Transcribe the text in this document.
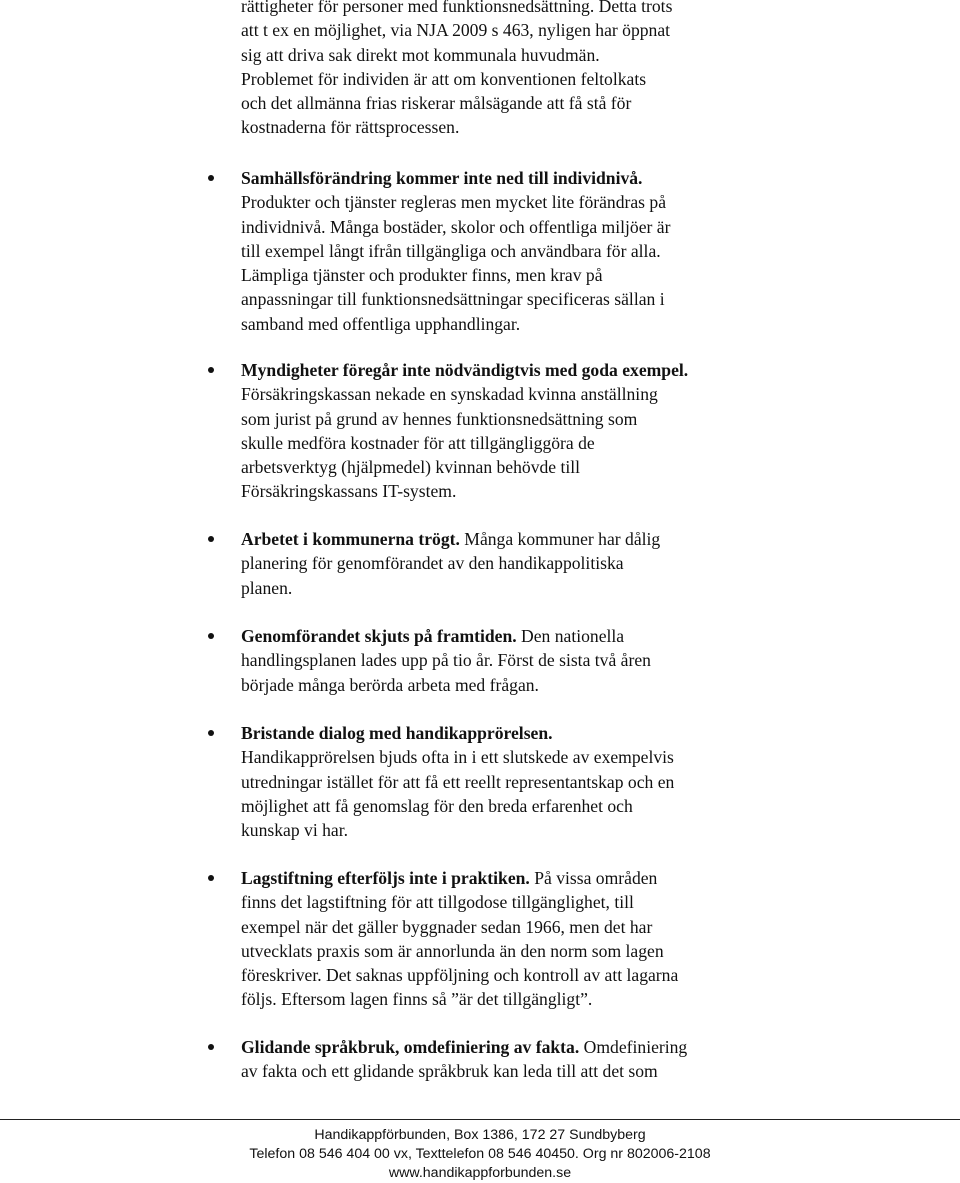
rättigheter för personer med funktionsnedsättning. Detta trots
att t ex en möjlighet, via NJA 2009 s 463, nyligen har öppnat
sig att driva sak direkt mot kommunala huvudmän.
Problemet för individen är att om konventionen feltolkats
och det allmänna frias riskerar målsägande att få stå för
kostnaderna för rättsprocessen.
Samhällsförändring kommer inte ned till individnivå.
Produkter och tjänster regleras men mycket lite förändras på
individnivå. Många bostäder, skolor och offentliga miljöer är
till exempel långt ifrån tillgängliga och användbara för alla.
Lämpliga tjänster och produkter finns, men krav på
anpassningar till funktionsnedsättningar specificeras sällan i
samband med offentliga upphandlingar.
Myndigheter föregår inte nödvändigtvis med goda exempel.
Försäkringskassan nekade en synskadad kvinna anställning
som jurist på grund av hennes funktionsnedsättning som
skulle medföra kostnader för att tillgängliggöra de
arbetsverktyg (hjälpmedel) kvinnan behövde till
Försäkringskassans IT-system.
Arbetet i kommunerna trögt. Många kommuner har dålig
planering för genomförandet av den handikappolitiska
planen.
Genomförandet skjuts på framtiden. Den nationella
handlingsplanen lades upp på tio år. Först de sista två åren
började många berörda arbeta med frågan.
Bristande dialog med handikapprörelsen.
Handikapprörelsen bjuds ofta in i ett slutskede av exempelvis
utredningar istället för att få ett reellt representantskap och en
möjlighet att få genomslag för den breda erfarenhet och
kunskap vi har.
Lagstiftning efterföljs inte i praktiken. På vissa områden
finns det lagstiftning för att tillgodose tillgänglighet, till
exempel när det gäller byggnader sedan 1966, men det har
utvecklats praxis som är annorlunda än den norm som lagen
föreskriver. Det saknas uppföljning och kontroll av att lagarna
följs. Eftersom lagen finns så ”är det tillgängligt”.
Glidande språkbruk, omdefiniering av fakta. Omdefiniering
av fakta och ett glidande språkbruk kan leda till att det som
Handikappförbunden, Box 1386, 172 27 Sundbyberg
Telefon 08 546 404 00 vx, Texttelefon 08 546 40450. Org nr 802006-2108
www.handikappforbunden.se
